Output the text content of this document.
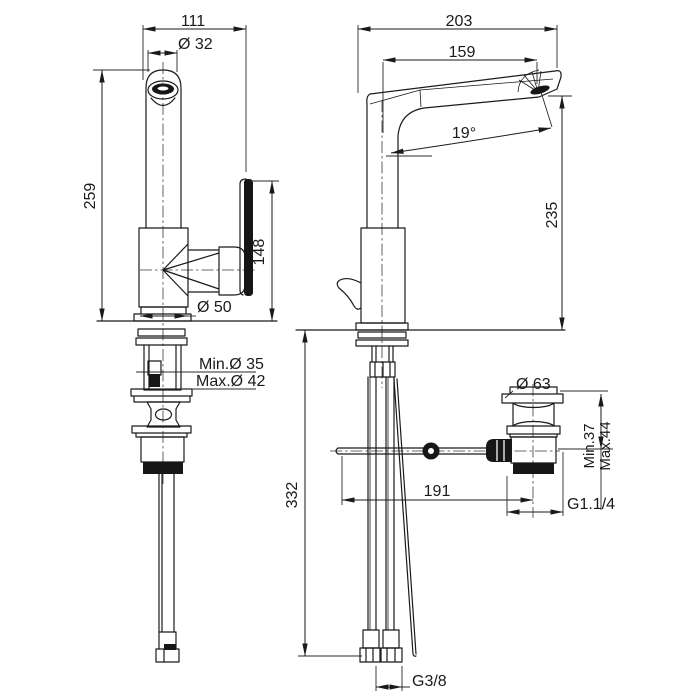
111
Ø 32
259
148
Ø 50
Min.Ø 35
Max.Ø 42
203
159
19°
235
332	191
Ø 63
Min.37 Max.44
G1.1/4
G3/8
